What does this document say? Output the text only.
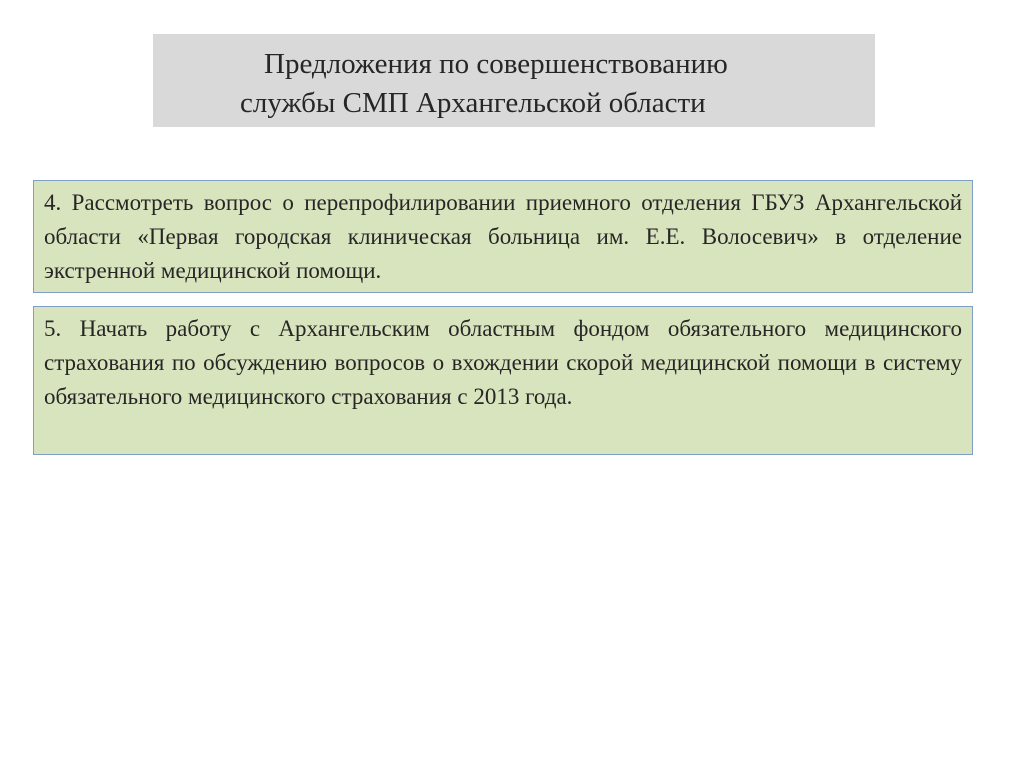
Предложения по совершенствованию
службы СМП Архангельской области

4. Рассмотреть вопрос о перепрофилировании приемного отделения ГБУЗ Архангельской области «Первая городская клиническая больница им. Е.Е. Волосевич» в отделение экстренной медицинской помощи.

5. Начать работу с Архангельским областным фондом обязательного медицинского страхования по обсуждению вопросов о вхождении скорой медицинской помощи в систему обязательного медицинского страхования с 2013 года.
